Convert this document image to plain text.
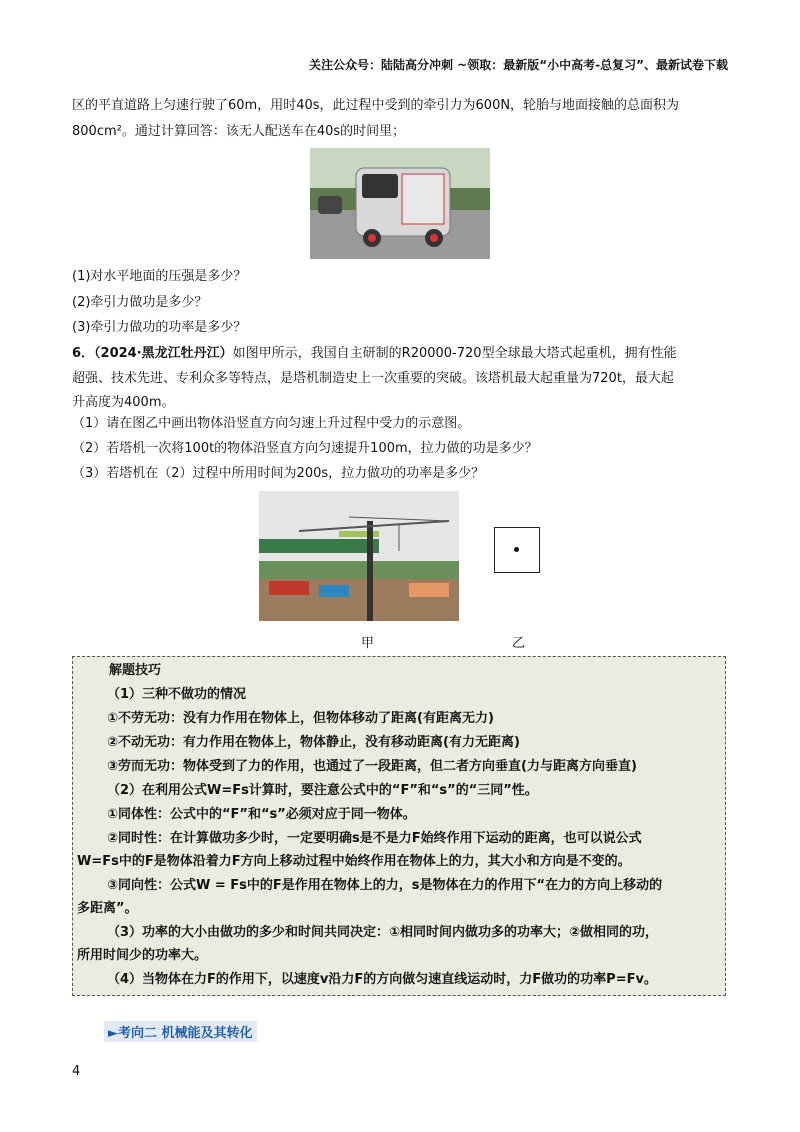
关注公众号：陆陆高分冲刺 ~领取：最新版“小中高考-总复习”、最新试卷下载
区的平直道路上匀速行驶了60m，用时40s，此过程中受到的牵引力为600N，轮胎与地面接触的总面积为
800cm²。通过计算回答：该无人配送车在40s的时间里；
(1)对水平地面的压强是多少？
(2)牵引力做功是多少？
(3)牵引力做功的功率是多少？
6．（2024·黑龙江牡丹江）如图甲所示，我国自主研制的R20000-720型全球最大塔式起重机，拥有性能
超强、技术先进、专利众多等特点，是塔机制造史上一次重要的突破。该塔机最大起重量为720t，最大起
升高度为400m。
（1）请在图乙中画出物体沿竖直方向匀速上升过程中受力的示意图。
（2）若塔机一次将100t的物体沿竖直方向匀速提升100m，拉力做的功是多少？
（3）若塔机在（2）过程中所用时间为200s，拉力做功的功率是多少？
甲	乙
解题技巧
（1）三种不做功的情况
①不劳无功：没有力作用在物体上，但物体移动了距离(有距离无力)
②不动无功：有力作用在物体上，物体静止，没有移动距离(有力无距离)
③劳而无功：物体受到了力的作用，也通过了一段距离，但二者方向垂直(力与距离方向垂直)
（2）在利用公式W=Fs计算时，要注意公式中的“F”和“s”的“三同”性。
①同体性：公式中的“F”和“s”必须对应于同一物体。
②同时性：在计算做功多少时，一定要明确s是不是力F始终作用下运动的距离，也可以说公式
W=Fs中的F是物体沿着力F方向上移动过程中始终作用在物体上的力，其大小和方向是不变的。
③同向性：公式W = Fs中的F是作用在物体上的力，s是物体在力的作用下“在力的方向上移动的
多距离”。
（3）功率的大小由做功的多少和时间共同决定：①相同时间内做功多的功率大；②做相同的功，
所用时间少的功率大。
（4）当物体在力F的作用下，以速度v沿力F的方向做匀速直线运动时，力F做功的功率P=Fv。
►考向二 机械能及其转化
4
